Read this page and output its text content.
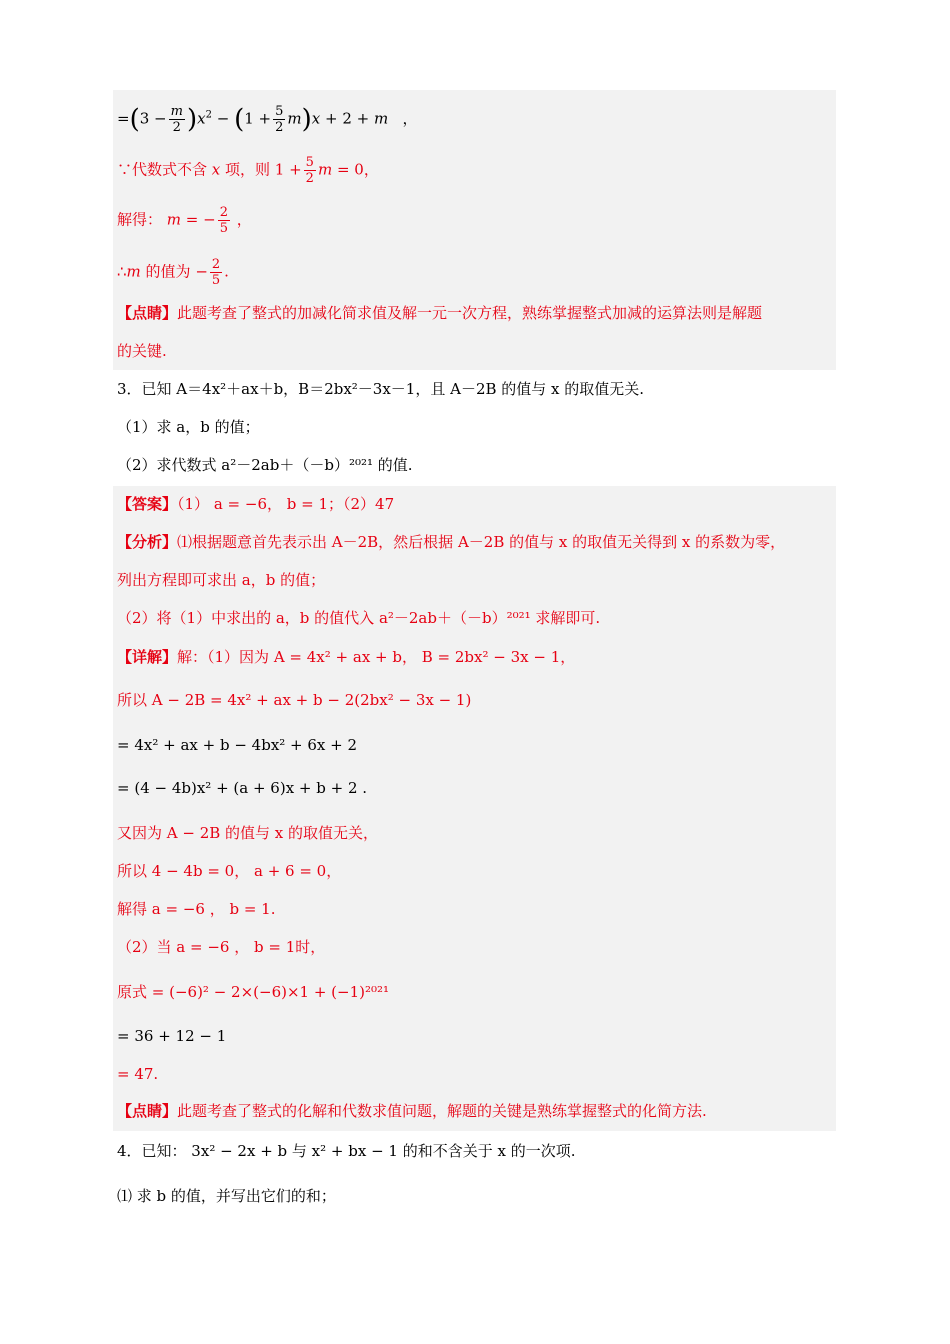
$=(3 - \frac{m}{2} )x^2 - (1 + \frac{5}{2} m)x + 2 + m$   ，
∵代数式不含 x 项，则 $1 + \frac{5}{2}$ m = 0，
解得： m = − $\frac{2}{5}$ ，
∴m 的值为 − $\frac{2}{5}$ .
【点睛】此题考查了整式的加减化简求值及解一元一次方程，熟练掌握整式加减的运算法则是解题
的关键.
3．已知 A＝4x²＋ax＋b，B＝2bx²－3x－1，且 A－2B 的值与 x 的取值无关.
（1）求 a，b 的值；
（2）求代数式 a²－2ab＋（－b）²⁰²¹ 的值.
【答案】（1） a = −6， b = 1；（2）47
【分析】⑴根据题意首先表示出 A－2B，然后根据 A－2B 的值与 x 的取值无关得到 x 的系数为零，
列出方程即可求出 a，b 的值；
（2）将（1）中求出的 a，b 的值代入 a²－2ab＋（－b）²⁰²¹ 求解即可.
【详解】解：（1）因为 A = 4x² + ax + b， B = 2bx² − 3x − 1，
所以 A − 2B = 4x² + ax + b − 2(2bx² − 3x − 1)
= 4x² + ax + b − 4bx² + 6x + 2
= (4 − 4b)x² + (a + 6)x + b + 2 .
又因为 A − 2B 的值与 x 的取值无关，
所以 4 − 4b = 0， a + 6 = 0，
解得 a = −6 ， b = 1.
（2）当 a = −6 ， b = 1时，
原式 = (−6)² − 2×(−6)×1 + (−1)²⁰²¹
= 36 + 12 − 1
= 47.
【点睛】此题考查了整式的化解和代数求值问题，解题的关键是熟练掌握整式的化简方法.
4．已知： 3x² − 2x + b 与 x² + bx − 1 的和不含关于 x 的一次项.
⑴ 求 b 的值，并写出它们的和；
